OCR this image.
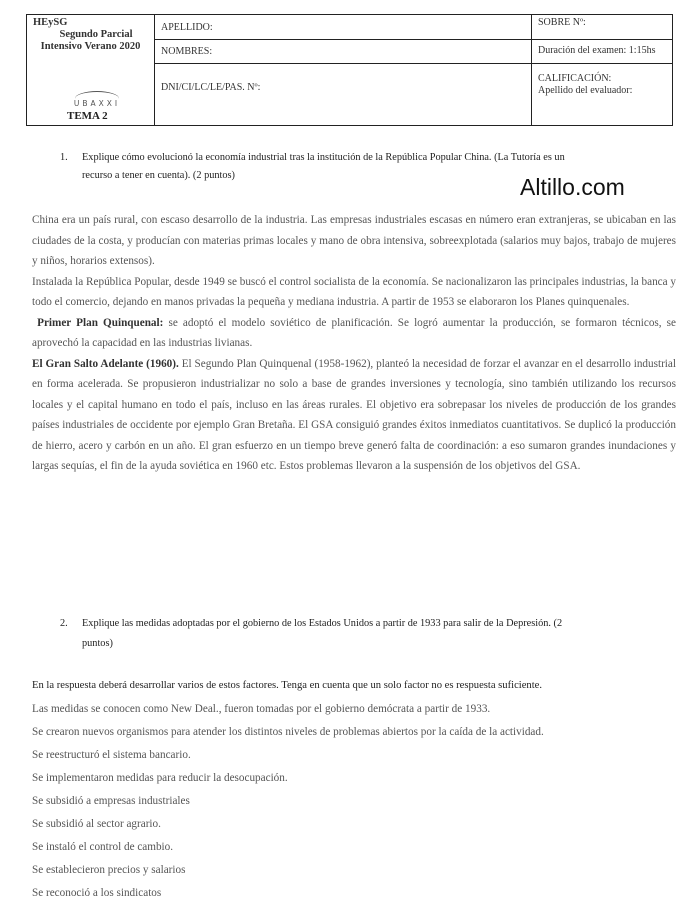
HEySG
Segundo Parcial
Intensivo Verano 2020
UBAXXI
TEMA 2
APELLIDO:
NOMBRES:
DNI/CI/LC/LE/PAS. Nº:
SOBRE Nº:
Duración del examen: 1:15hs
CALIFICACIÓN:
Apellido del evaluador:
1. Explique cómo evolucionó la economía industrial tras la institución de la República Popular China. (La Tutoría es un
recurso a tener en cuenta). (2 puntos)	Altillo.com

China era un país rural, con escaso desarrollo de la industria. Las empresas industriales escasas en número eran extranjeras, se ubicaban en las ciudades de la costa, y producían con materias primas locales y mano de obra intensiva, sobreexplotada (salarios muy bajos, trabajo de mujeres y niños, horarios extensos).

Instalada la República Popular, desde 1949 se buscó el control socialista de la economía. Se nacionalizaron las principales industrias, la banca y todo el comercio, dejando en manos privadas la pequeña y mediana industria. A partir de 1953 se elaboraron los Planes quinquenales.

Primer Plan Quinquenal: se adoptó el modelo soviético de planificación. Se logró aumentar la producción, se formaron técnicos, se aprovechó la capacidad en las industrias livianas.

El Gran Salto Adelante (1960). El Segundo Plan Quinquenal (1958-1962), planteó la necesidad de forzar el avanzar en el desarrollo industrial en forma acelerada. Se propusieron industrializar no solo a base de grandes inversiones y tecnología, sino también utilizando los recursos locales y el capital humano en todo el país, incluso en las áreas rurales. El objetivo era sobrepasar los niveles de producción de los grandes países industriales de occidente por ejemplo Gran Bretaña. El GSA consiguió grandes éxitos inmediatos cuantitativos. Se duplicó la producción de hierro, acero y carbón en un año. El gran esfuerzo en un tiempo breve generó falta de coordinación: a eso sumaron grandes inundaciones y largas sequías, el fin de la ayuda soviética en 1960 etc. Estos problemas llevaron a la suspensión de los objetivos del GSA.

2. Explique las medidas adoptadas por el gobierno de los Estados Unidos a partir de 1933 para salir de la Depresión. (2
puntos)
En la respuesta deberá desarrollar varios de estos factores. Tenga en cuenta que un solo factor no es respuesta suficiente.
Las medidas se conocen como New Deal., fueron tomadas por el gobierno demócrata a partir de 1933.
Se crearon nuevos organismos para atender los distintos niveles de problemas abiertos por la caída de la actividad.
Se reestructuró el sistema bancario.
Se implementaron medidas para reducir la desocupación.
Se subsidió a empresas industriales
Se subsidió al sector agrario.
Se instaló el control de cambio.
Se establecieron precios y salarios
Se reconoció a los sindicatos
